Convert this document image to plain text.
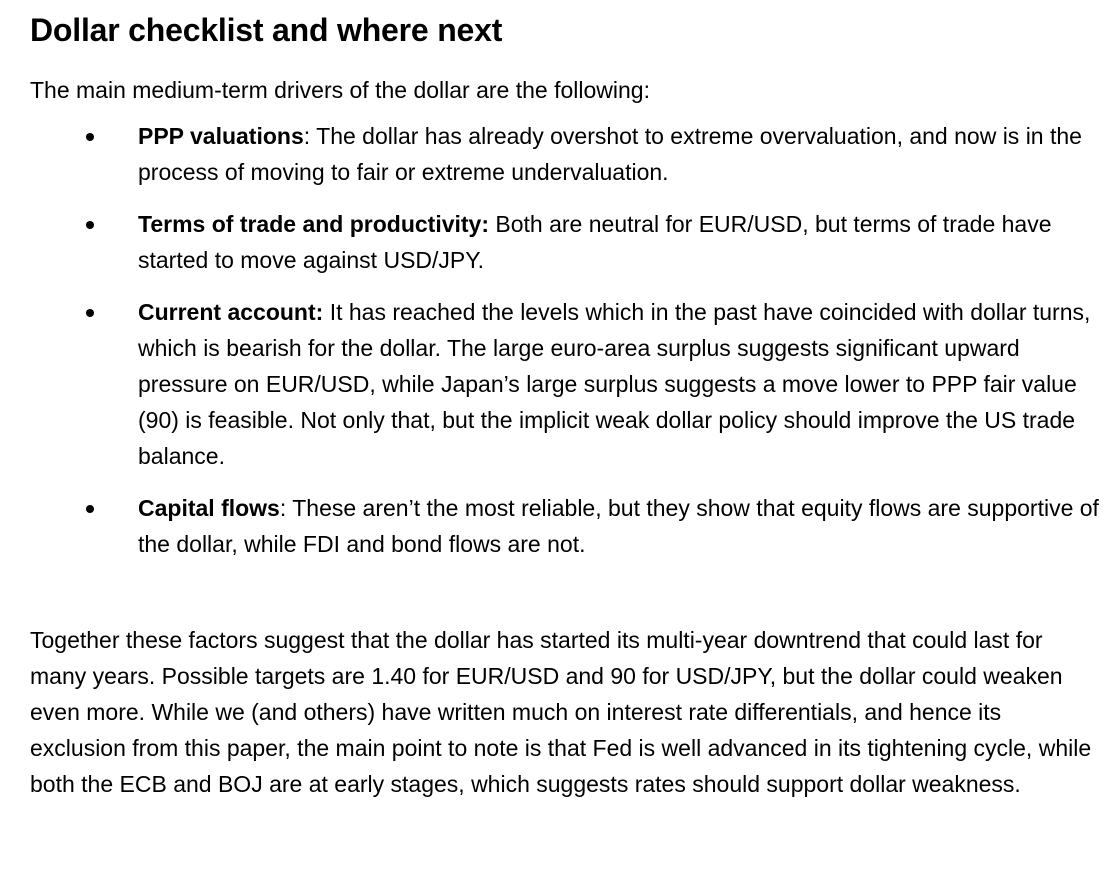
Dollar checklist and where next

The main medium-term drivers of the dollar are the following:

PPP valuations: The dollar has already overshot to extreme overvaluation, and now is in the process of moving to fair or extreme undervaluation.
Terms of trade and productivity: Both are neutral for EUR/USD, but terms of trade have started to move against USD/JPY.
Current account: It has reached the levels which in the past have coincided with dollar turns, which is bearish for the dollar. The large euro-area surplus suggests significant upward pressure on EUR/USD, while Japan’s large surplus suggests a move lower to PPP fair value (90) is feasible. Not only that, but the implicit weak dollar policy should improve the US trade balance.
Capital flows: These aren’t the most reliable, but they show that equity flows are supportive of the dollar, while FDI and bond flows are not.

Together these factors suggest that the dollar has started its multi-year downtrend that could last for many years. Possible targets are 1.40 for EUR/USD and 90 for USD/JPY, but the dollar could weaken even more. While we (and others) have written much on interest rate differentials, and hence its exclusion from this paper, the main point to note is that Fed is well advanced in its tightening cycle, while both the ECB and BOJ are at early stages, which suggests rates should support dollar weakness.
